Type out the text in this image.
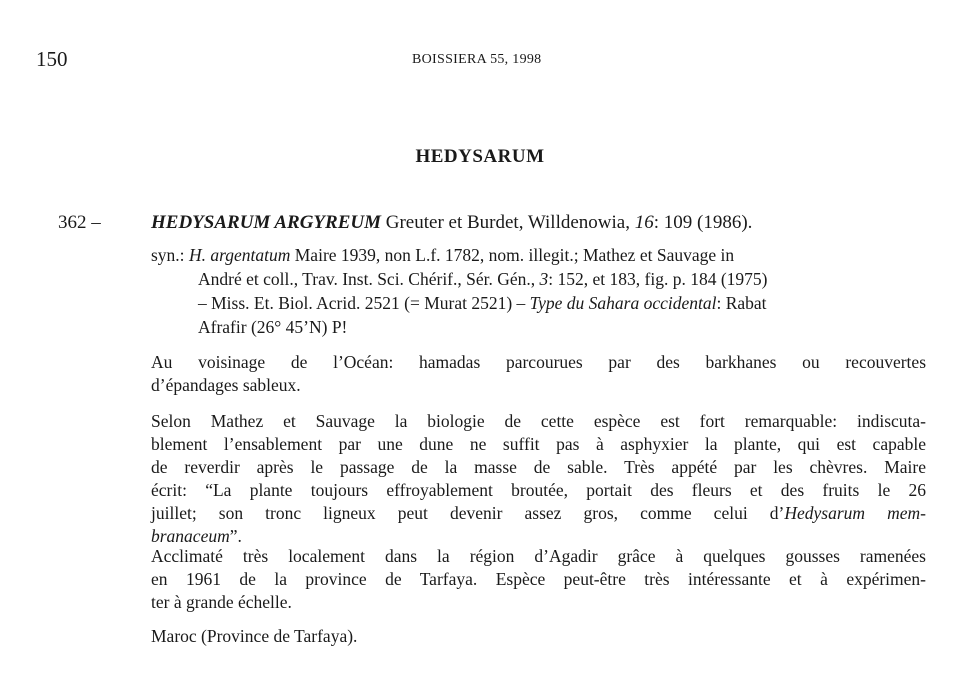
150	BOISSIERA 55, 1998
HEDYSARUM
362 –	HEDYSARUM ARGYREUM Greuter et Burdet, Willdenowia, 16: 109 (1986).
syn.: H. argentatum Maire 1939, non L.f. 1782, nom. illegit.; Mathez et Sauvage in
André et coll., Trav. Inst. Sci. Chérif., Sér. Gén., 3: 152, et 183, fig. p. 184 (1975)
– Miss. Et. Biol. Acrid. 2521 (= Murat 2521) – Type du Sahara occidental: Rabat
Afrafir (26° 45’N) P!
Au voisinage de l’Océan: hamadas parcourues par des barkhanes ou recouvertes
d’épandages sableux.
Selon Mathez et Sauvage la biologie de cette espèce est fort remarquable: indiscuta-
blement l’ensablement par une dune ne suffit pas à asphyxier la plante, qui est capable
de reverdir après le passage de la masse de sable. Très appété par les chèvres. Maire
écrit: “La plante toujours effroyablement broutée, portait des fleurs et des fruits le 26
juillet; son tronc ligneux peut devenir assez gros, comme celui d’Hedysarum mem-
branaceum”.
Acclimaté très localement dans la région d’Agadir grâce à quelques gousses ramenées
en 1961 de la province de Tarfaya. Espèce peut-être très intéressante et à expérimen-
ter à grande échelle.
Maroc (Province de Tarfaya).
